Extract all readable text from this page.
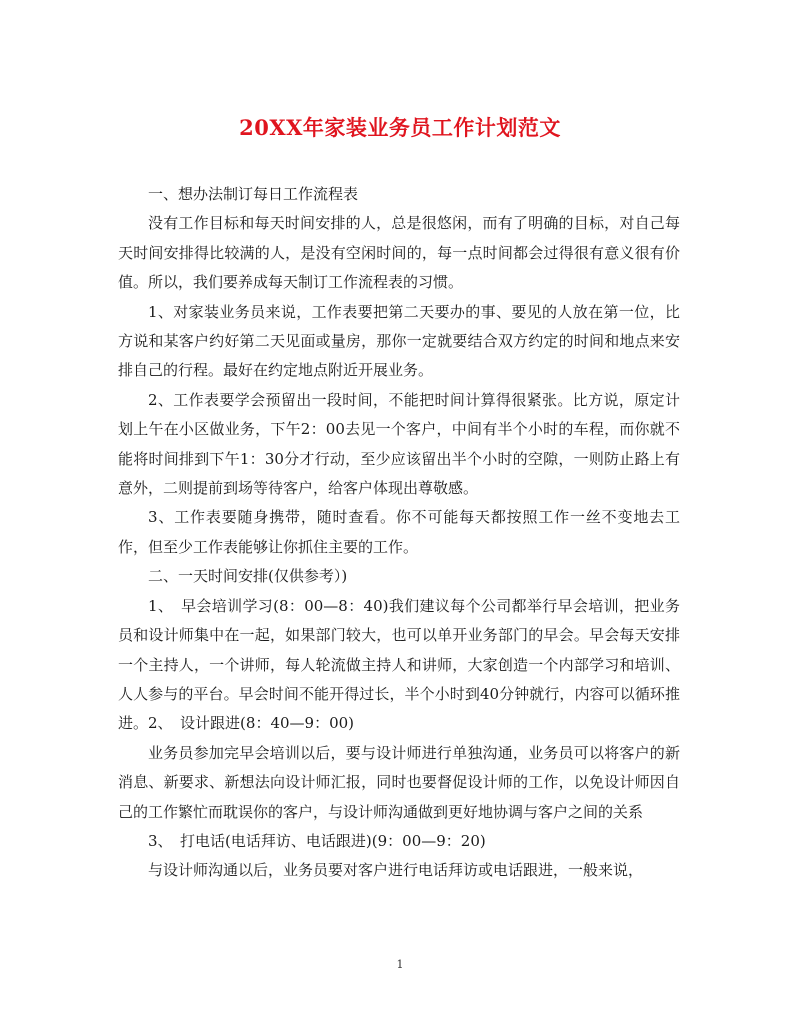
20XX年家装业务员工作计划范文

一、想办法制订每日工作流程表

没有工作目标和每天时间安排的人，总是很悠闲，而有了明确的目标，对自己每天时间安排得比较满的人，是没有空闲时间的，每一点时间都会过得很有意义很有价值。所以，我们要养成每天制订工作流程表的习惯。

1、对家装业务员来说，工作表要把第二天要办的事、要见的人放在第一位，比方说和某客户约好第二天见面或量房，那你一定就要结合双方约定的时间和地点来安排自己的行程。最好在约定地点附近开展业务。

2、工作表要学会预留出一段时间，不能把时间计算得很紧张。比方说，原定计划上午在小区做业务，下午2：00去见一个客户，中间有半个小时的车程，而你就不能将时间排到下午1：30分才行动，至少应该留出半个小时的空隙，一则防止路上有意外，二则提前到场等待客户，给客户体现出尊敬感。

3、工作表要随身携带，随时查看。你不可能每天都按照工作一丝不变地去工作，但至少工作表能够让你抓住主要的工作。

二、一天时间安排(仅供参考）)

1、　早会培训学习(8：00—8：40)我们建议每个公司都举行早会培训，把业务员和设计师集中在一起，如果部门较大，也可以单开业务部门的早会。早会每天安排一个主持人，一个讲师，每人轮流做主持人和讲师，大家创造一个内部学习和培训、人人参与的平台。早会时间不能开得过长，半个小时到40分钟就行，内容可以循环推进。2、　设计跟进(8：40—9：00)

业务员参加完早会培训以后，要与设计师进行单独沟通，业务员可以将客户的新消息、新要求、新想法向设计师汇报，同时也要督促设计师的工作，以免设计师因自己的工作繁忙而耽误你的客户，与设计师沟通做到更好地协调与客户之间的关系

3、　打电话(电话拜访、电话跟进)(9：00—9：20)

与设计师沟通以后，业务员要对客户进行电话拜访或电话跟进，一般来说，

1
